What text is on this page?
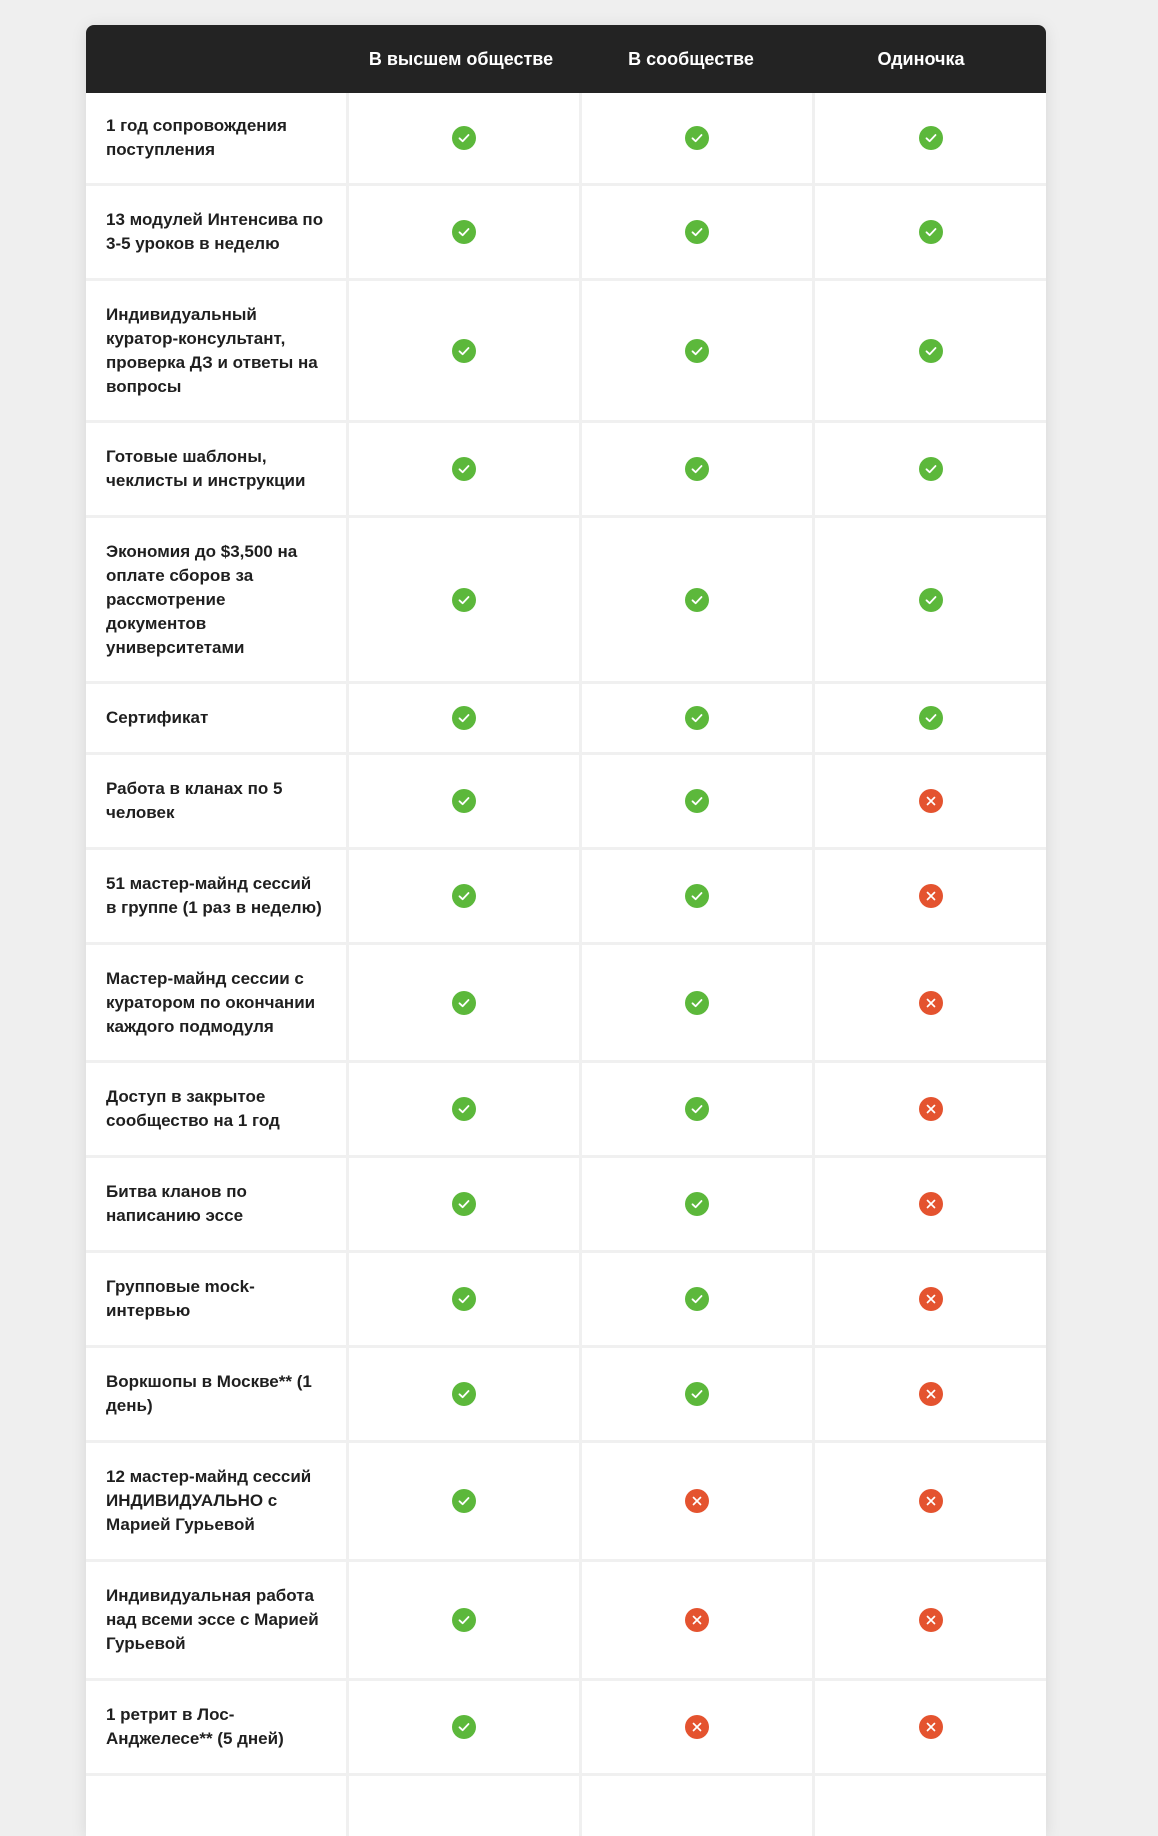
В высшем обществе	В сообществе	Одиночка
1 год сопровождения поступления
13 модулей Интенсива по 3-5 уроков в неделю
Индивидуальный куратор-консультант, проверка ДЗ и ответы на вопросы
Готовые шаблоны, чеклисты и инструкции
Экономия до $3,500 на оплате сборов за рассмотрение документов университетами
Сертификат
Работа в кланах по 5 человек
51 мастер-майнд сессий в группе (1 раз в неделю)
Мастер-майнд сессии с куратором по окончании каждого подмодуля
Доступ в закрытое сообщество на 1 год
Битва кланов по написанию эссе
Групповые mock-интервью
Воркшопы в Москве** (1 день)
12 мастер-майнд сессий ИНДИВИДУАЛЬНО с Марией Гурьевой
Индивидуальная работа над всеми эссе с Марией Гурьевой
1 ретрит в Лос-Анджелесе** (5 дней)
